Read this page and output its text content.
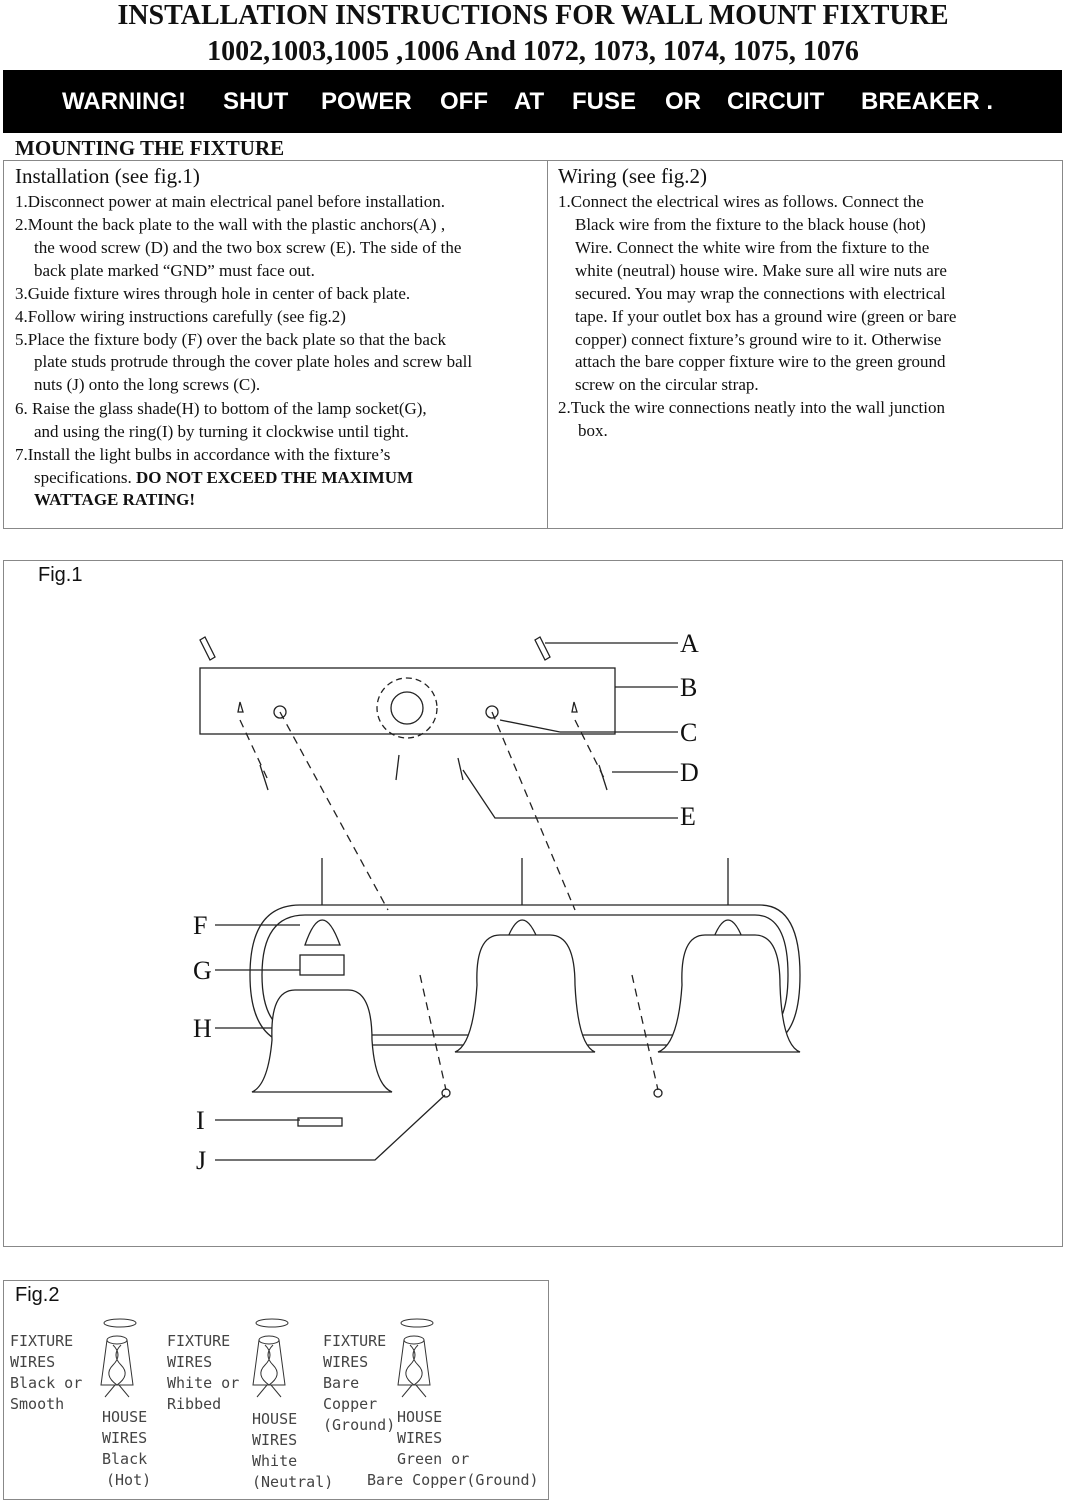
INSTALLATION INSTRUCTIONS FOR WALL MOUNT FIXTURE
1002,1003,1005 ,1006 And 1072, 1073, 1074, 1075, 1076
WARNING! SHUT POWER OFF AT FUSE OR CIRCUIT BREAKER .
MOUNTING THE FIXTURE
Installation (see fig.1)
1.Disconnect power at main electrical panel before installation.
2.Mount the back plate to the wall with the plastic anchors(A) ,
the wood screw (D) and the two box screw (E). The side of the
back plate marked “GND” must face out.
3.Guide fixture wires through hole in center of back plate.
4.Follow wiring instructions carefully (see fig.2)
5.Place the fixture body (F) over the back plate so that the back
plate studs protrude through the cover plate holes and screw ball
nuts (J) onto the long screws (C).
6. Raise the glass shade(H) to bottom of the lamp socket(G),
and using the ring(I) by turning it clockwise until tight.
7.Install the light bulbs in accordance with the fixture’s
specifications. DO NOT EXCEED THE MAXIMUM
WATTAGE RATING!
Wiring (see fig.2)
1.Connect the electrical wires as follows. Connect the
Black wire from the fixture to the black house (hot)
Wire. Connect the white wire from the fixture to the
white (neutral) house wire. Make sure all wire nuts are
secured. You may wrap the connections with electrical
tape. If your outlet box has a ground wire (green or bare
copper) connect fixture’s ground wire to it. Otherwise
attach the bare copper fixture wire to the green ground
screw on the circular strap.
2.Tuck the wire connections neatly into the wall junction
box.
Fig.1
A
B
C
D
E
F
G
H
I
J
Fig.2
FIXTURE
WIRES
Black or
Smooth
HOUSE
WIRES
Black
(Hot)
FIXTURE
WIRES
White or
Ribbed
HOUSE
WIRES
White
(Neutral)
FIXTURE
WIRES
Bare
Copper
(Ground) HOUSE
WIRES
Green or
Bare Copper(Ground)
